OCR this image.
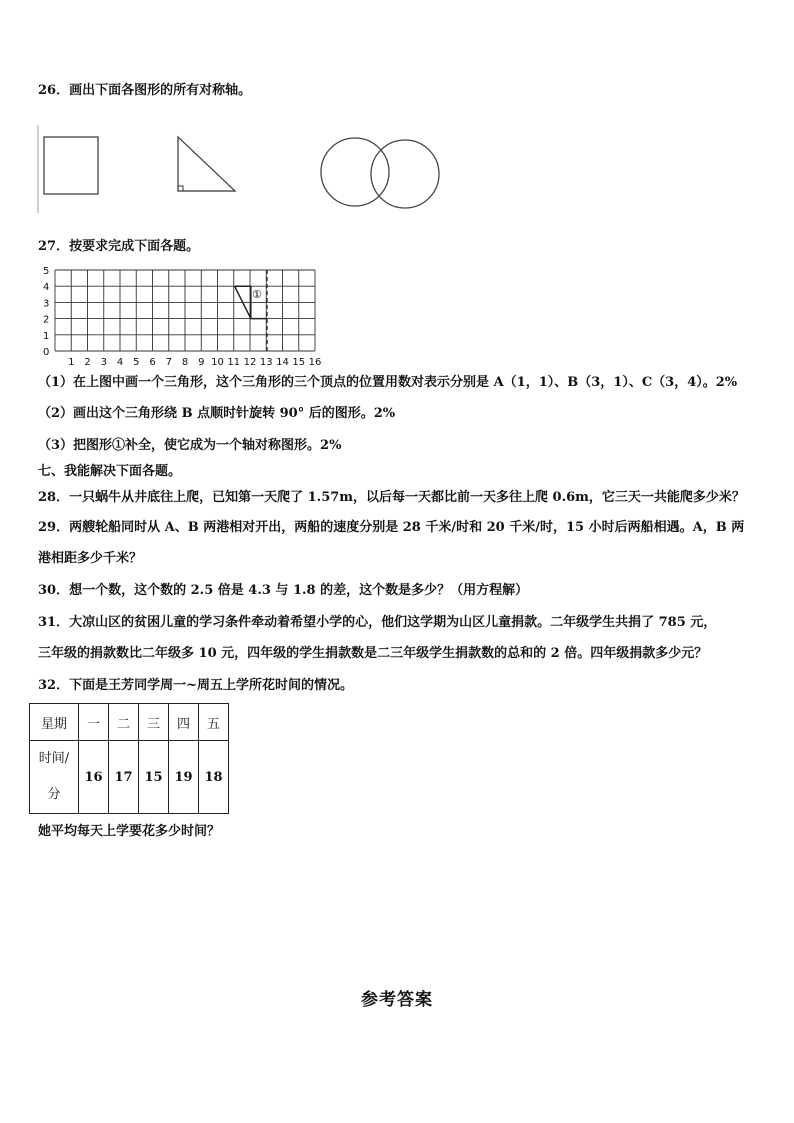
26．画出下面各图形的所有对称轴。
27．按要求完成下面各题。
①
5
4
3
2
1
0
1 2 3 4 5 6 7 8 9 10 11 12 13 14 15 16
（1）在上图中画一个三角形，这个三角形的三个顶点的位置用数对表示分别是 A（1，1）、B（3，1）、C（3，4）。2%
（2）画出这个三角形绕 B 点顺时针旋转 90° 后的图形。2%
（3）把图形①补全，使它成为一个轴对称图形。2%
七、我能解决下面各题。
28．一只蜗牛从井底往上爬，已知第一天爬了 1.57m，以后每一天都比前一天多往上爬 0.6m，它三天一共能爬多少米？
29．两艘轮船同时从 A、B 两港相对开出，两船的速度分别是 28 千米/时和 20 千米/时，15 小时后两船相遇。A，B 两
港相距多少千米？
30．想一个数，这个数的 2.5 倍是 4.3 与 1.8 的差，这个数是多少？（用方程解）
31．大凉山区的贫困儿童的学习条件牵动着希望小学的心，他们这学期为山区儿童捐款。二年级学生共捐了 785 元，
三年级的捐款数比二年级多 10 元，四年级的学生捐款数是二三年级学生捐款数的总和的 2 倍。四年级捐款多少元？
32．下面是王芳同学周一~周五上学所花时间的情况。
星期	一	二	三	四	五

时间/
分	16	17	15	19	18
她平均每天上学要花多少时间？
参考答案
